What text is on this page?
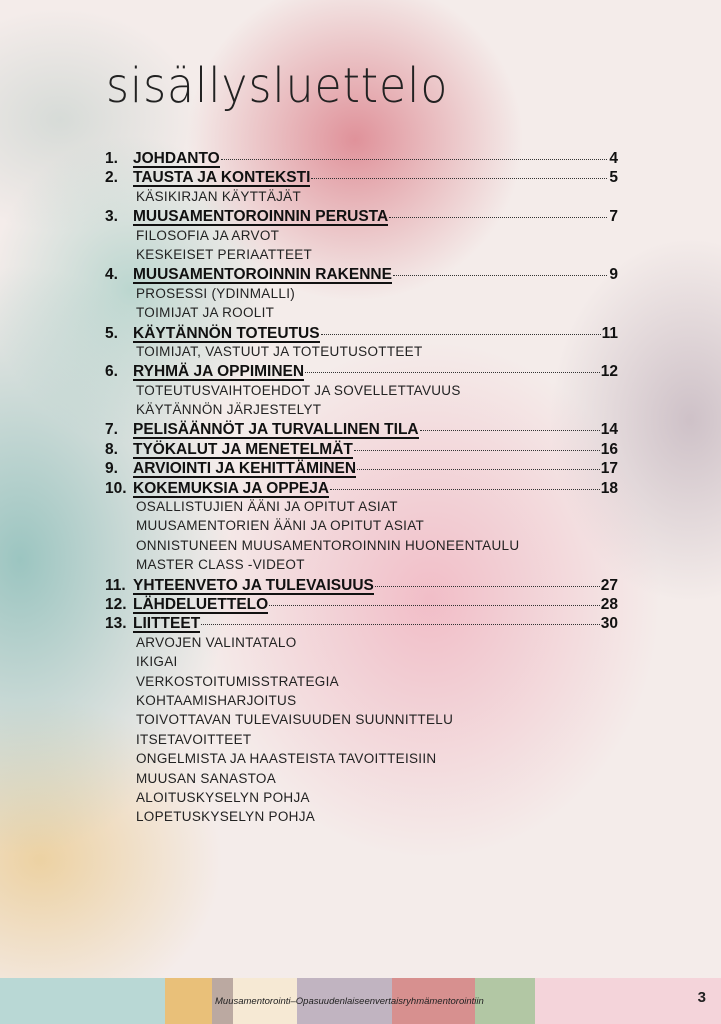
sisällysluettelo
1. JOHDANTO	4
2. TAUSTA JA KONTEKSTI	5
KÄSIKIRJAN KÄYTTÄJÄT
3. MUUSAMENTOROINNIN PERUSTA	7
FILOSOFIA JA ARVOT
KESKEISET PERIAATTEET
4. MUUSAMENTOROINNIN RAKENNE	9
PROSESSI (YDINMALLI)
TOIMIJAT JA ROOLIT
5. KÄYTÄNNÖN TOTEUTUS	11
TOIMIJAT, VASTUUT JA TOTEUTUSOTTEET
6. RYHMÄ JA OPPIMINEN	12
TOTEUTUSVAIHTOEHDOT JA SOVELLETTAVUUS
KÄYTÄNNÖN JÄRJESTELYT
7. PELISÄÄNNÖT JA TURVALLINEN TILA	14
8. TYÖKALUT JA MENETELMÄT	16
9. ARVIOINTI JA KEHITTÄMINEN	17
10. KOKEMUKSIA JA OPPEJA	18
OSALLISTUJIEN ÄÄNI JA OPITUT ASIAT
MUUSAMENTORIEN ÄÄNI JA OPITUT ASIAT
ONNISTUNEEN MUUSAMENTOROINNIN HUONEENTAULU
MASTER CLASS -VIDEOT
11. YHTEENVETO JA TULEVAISUUS	27
12. LÄHDELUETTELO	28
13. LIITTEET	30
ARVOJEN VALINTATALO
IKIGAI
VERKOSTOITUMISSTRATEGIA
KOHTAAMISHARJOITUS
TOIVOTTAVAN TULEVAISUUDEN SUUNNITTELU
ITSETAVOITTEET
ONGELMISTA JA HAASTEISTA TAVOITTEISIIN
MUUSAN SANASTOA
ALOITUSKYSELYN POHJA
LOPETUSKYSELYN POHJA
Muusamentorointi–Opasuudenlaiseenvertaisryhmämentorointiin	3
